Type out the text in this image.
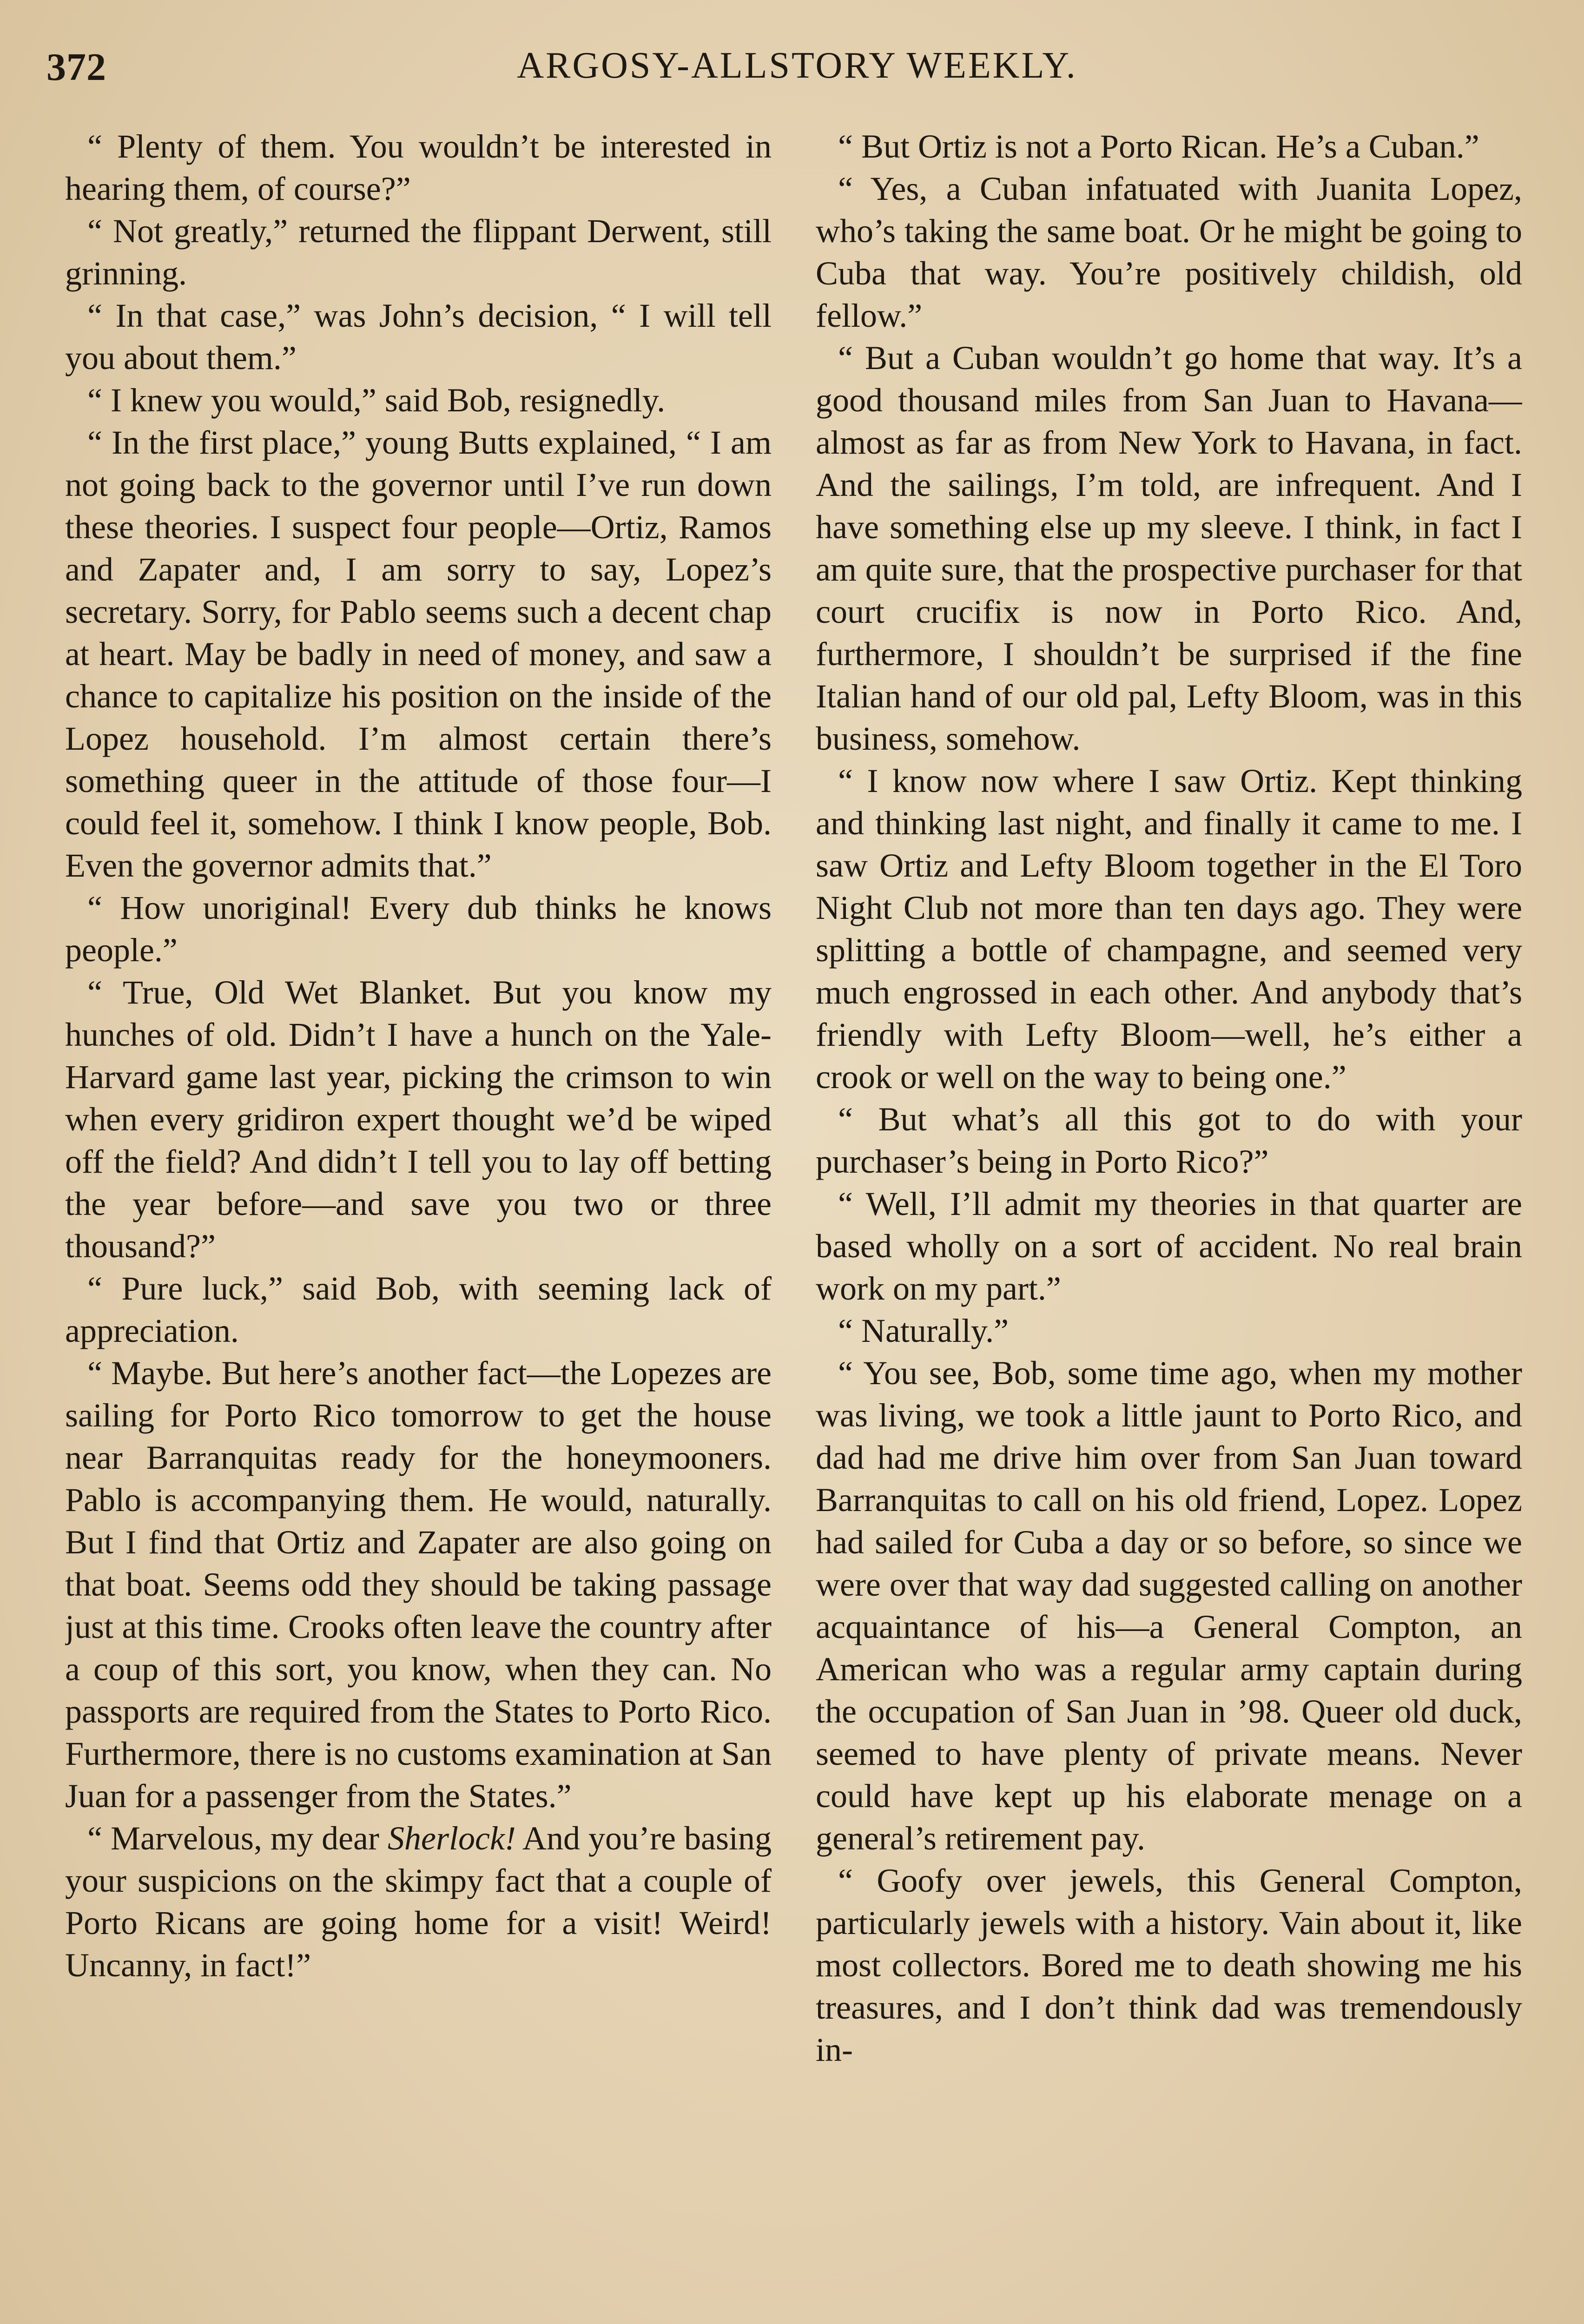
372	ARGOSY-ALLSTORY WEEKLY.

“ Plenty of them. You wouldn’t be interested in hearing them, of course?”

“ Not greatly,” returned the flippant Derwent, still grinning.

“ In that case,” was John’s decision, “ I will tell you about them.”

“ I knew you would,” said Bob, resignedly.

“ In the first place,” young Butts explained, “ I am not going back to the governor until I’ve run down these theories. I suspect four people—Ortiz, Ramos and Zapater and, I am sorry to say, Lopez’s secretary. Sorry, for Pablo seems such a decent chap at heart. May be badly in need of money, and saw a chance to capitalize his position on the inside of the Lopez household. I’m almost certain there’s something queer in the attitude of those four—I could feel it, somehow. I think I know people, Bob. Even the governor admits that.”

“ How unoriginal! Every dub thinks he knows people.”

“ True, Old Wet Blanket. But you know my hunches of old. Didn’t I have a hunch on the Yale-Harvard game last year, picking the crimson to win when every gridiron expert thought we’d be wiped off the field? And didn’t I tell you to lay off betting the year before—and save you two or three thousand?”

“ Pure luck,” said Bob, with seeming lack of appreciation.

“ Maybe. But here’s another fact—the Lopezes are sailing for Porto Rico tomorrow to get the house near Barranquitas ready for the honeymooners. Pablo is accompanying them. He would, naturally. But I find that Ortiz and Zapater are also going on that boat. Seems odd they should be taking passage just at this time. Crooks often leave the country after a coup of this sort, you know, when they can. No passports are required from the States to Porto Rico. Furthermore, there is no customs examination at San Juan for a passenger from the States.”

“ Marvelous, my dear Sherlock! And you’re basing your suspicions on the skimpy fact that a couple of Porto Ricans are going home for a visit! Weird! Uncanny, in fact!”

“ But Ortiz is not a Porto Rican. He’s a Cuban.”

“ Yes, a Cuban infatuated with Juanita Lopez, who’s taking the same boat. Or he might be going to Cuba that way. You’re positively childish, old fellow.”

“ But a Cuban wouldn’t go home that way. It’s a good thousand miles from San Juan to Havana—almost as far as from New York to Havana, in fact. And the sailings, I’m told, are infrequent. And I have something else up my sleeve. I think, in fact I am quite sure, that the prospective purchaser for that court crucifix is now in Porto Rico. And, furthermore, I shouldn’t be surprised if the fine Italian hand of our old pal, Lefty Bloom, was in this business, somehow.

“ I know now where I saw Ortiz. Kept thinking and thinking last night, and finally it came to me. I saw Ortiz and Lefty Bloom together in the El Toro Night Club not more than ten days ago. They were splitting a bottle of champagne, and seemed very much engrossed in each other. And anybody that’s friendly with Lefty Bloom—well, he’s either a crook or well on the way to being one.”

“ But what’s all this got to do with your purchaser’s being in Porto Rico?”

“ Well, I’ll admit my theories in that quarter are based wholly on a sort of accident. No real brain work on my part.”

“ Naturally.”

“ You see, Bob, some time ago, when my mother was living, we took a little jaunt to Porto Rico, and dad had me drive him over from San Juan toward Barranquitas to call on his old friend, Lopez. Lopez had sailed for Cuba a day or so before, so since we were over that way dad suggested calling on another acquaintance of his—a General Compton, an American who was a regular army captain during the occupation of San Juan in ’98. Queer old duck, seemed to have plenty of private means. Never could have kept up his elaborate menage on a general’s retirement pay.

“ Goofy over jewels, this General Compton, particularly jewels with a history. Vain about it, like most collectors. Bored me to death showing me his treasures, and I don’t think dad was tremendously in-
